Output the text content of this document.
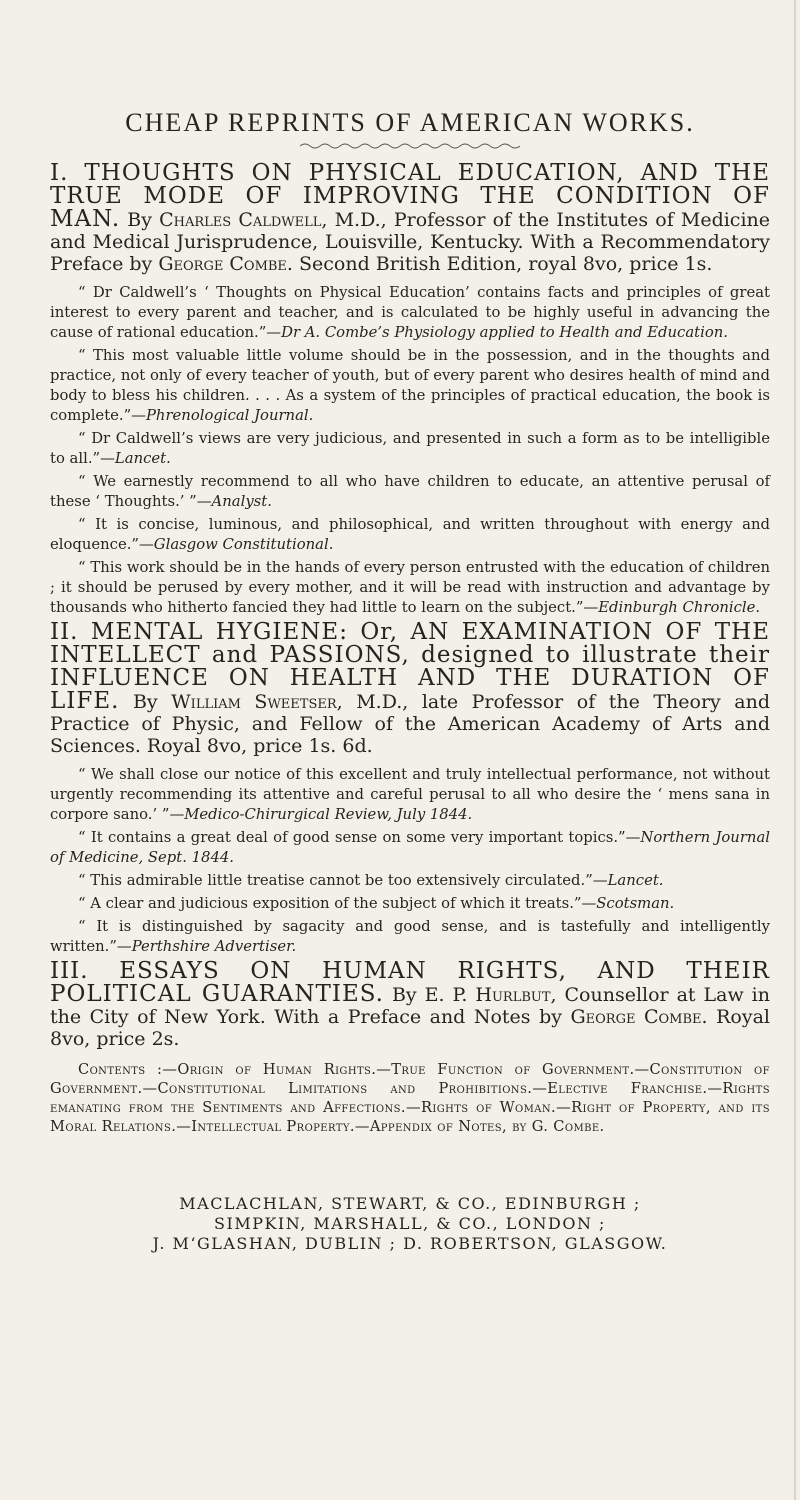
CHEAP REPRINTS OF AMERICAN WORKS.

I. THOUGHTS ON PHYSICAL EDUCATION, AND THE TRUE MODE OF IMPROVING THE CONDITION OF MAN. By Charles Caldwell, M.D., Professor of the Institutes of Medicine and Medical Jurisprudence, Louisville, Kentucky. With a Recommendatory Preface by George Combe. Second British Edition, royal 8vo, price 1s.

“ Dr Caldwell’s ‘ Thoughts on Physical Education’ contains facts and principles of great interest to every parent and teacher, and is calculated to be highly useful in advancing the cause of rational education.”—Dr A. Combe’s Physiology applied to Health and Education.

“ This most valuable little volume should be in the possession, and in the thoughts and practice, not only of every teacher of youth, but of every parent who desires health of mind and body to bless his children. . . . As a system of the principles of practical education, the book is complete.”—Phrenological Journal.

“ Dr Caldwell’s views are very judicious, and presented in such a form as to be intelligible to all.”—Lancet.

“ We earnestly recommend to all who have children to educate, an attentive perusal of these ‘ Thoughts.’ ”—Analyst.

“ It is concise, luminous, and philosophical, and written throughout with energy and eloquence.”—Glasgow Constitutional.

“ This work should be in the hands of every person entrusted with the education of children ; it should be perused by every mother, and it will be read with instruction and advantage by thousands who hitherto fancied they had little to learn on the subject.”—Edinburgh Chronicle.

II. MENTAL HYGIENE: Or, AN EXAMINATION OF THE INTELLECT and PASSIONS, designed to illustrate their INFLUENCE ON HEALTH AND THE DURATION OF LIFE. By William Sweetser, M.D., late Professor of the Theory and Practice of Physic, and Fellow of the American Academy of Arts and Sciences. Royal 8vo, price 1s. 6d.

“ We shall close our notice of this excellent and truly intellectual performance, not without urgently recommending its attentive and careful perusal to all who desire the ‘ mens sana in corpore sano.’ ”—Medico-Chirurgical Review, July 1844.

“ It contains a great deal of good sense on some very important topics.”—Northern Journal of Medicine, Sept. 1844.

“ This admirable little treatise cannot be too extensively circulated.”—Lancet.

“ A clear and judicious exposition of the subject of which it treats.”—Scotsman.

“ It is distinguished by sagacity and good sense, and is tastefully and intelligently written.”—Perthshire Advertiser.

III. ESSAYS ON HUMAN RIGHTS, AND THEIR POLITICAL GUARANTIES. By E. P. Hurlbut, Counsellor at Law in the City of New York. With a Preface and Notes by George Combe. Royal 8vo, price 2s.

Contents :—Origin of Human Rights.—True Function of Government.—Constitution of Government.—Constitutional Limitations and Prohibitions.—Elective Franchise.—Rights emanating from the Sentiments and Affections.—Rights of Woman.—Right of Property, and its Moral Relations.—Intellectual Property.—Appendix of Notes, by G. Combe.

MACLACHLAN, STEWART, & CO., EDINBURGH ;
SIMPKIN, MARSHALL, & CO., LONDON ;
J. M‘GLASHAN, DUBLIN ; D. ROBERTSON, GLASGOW.
